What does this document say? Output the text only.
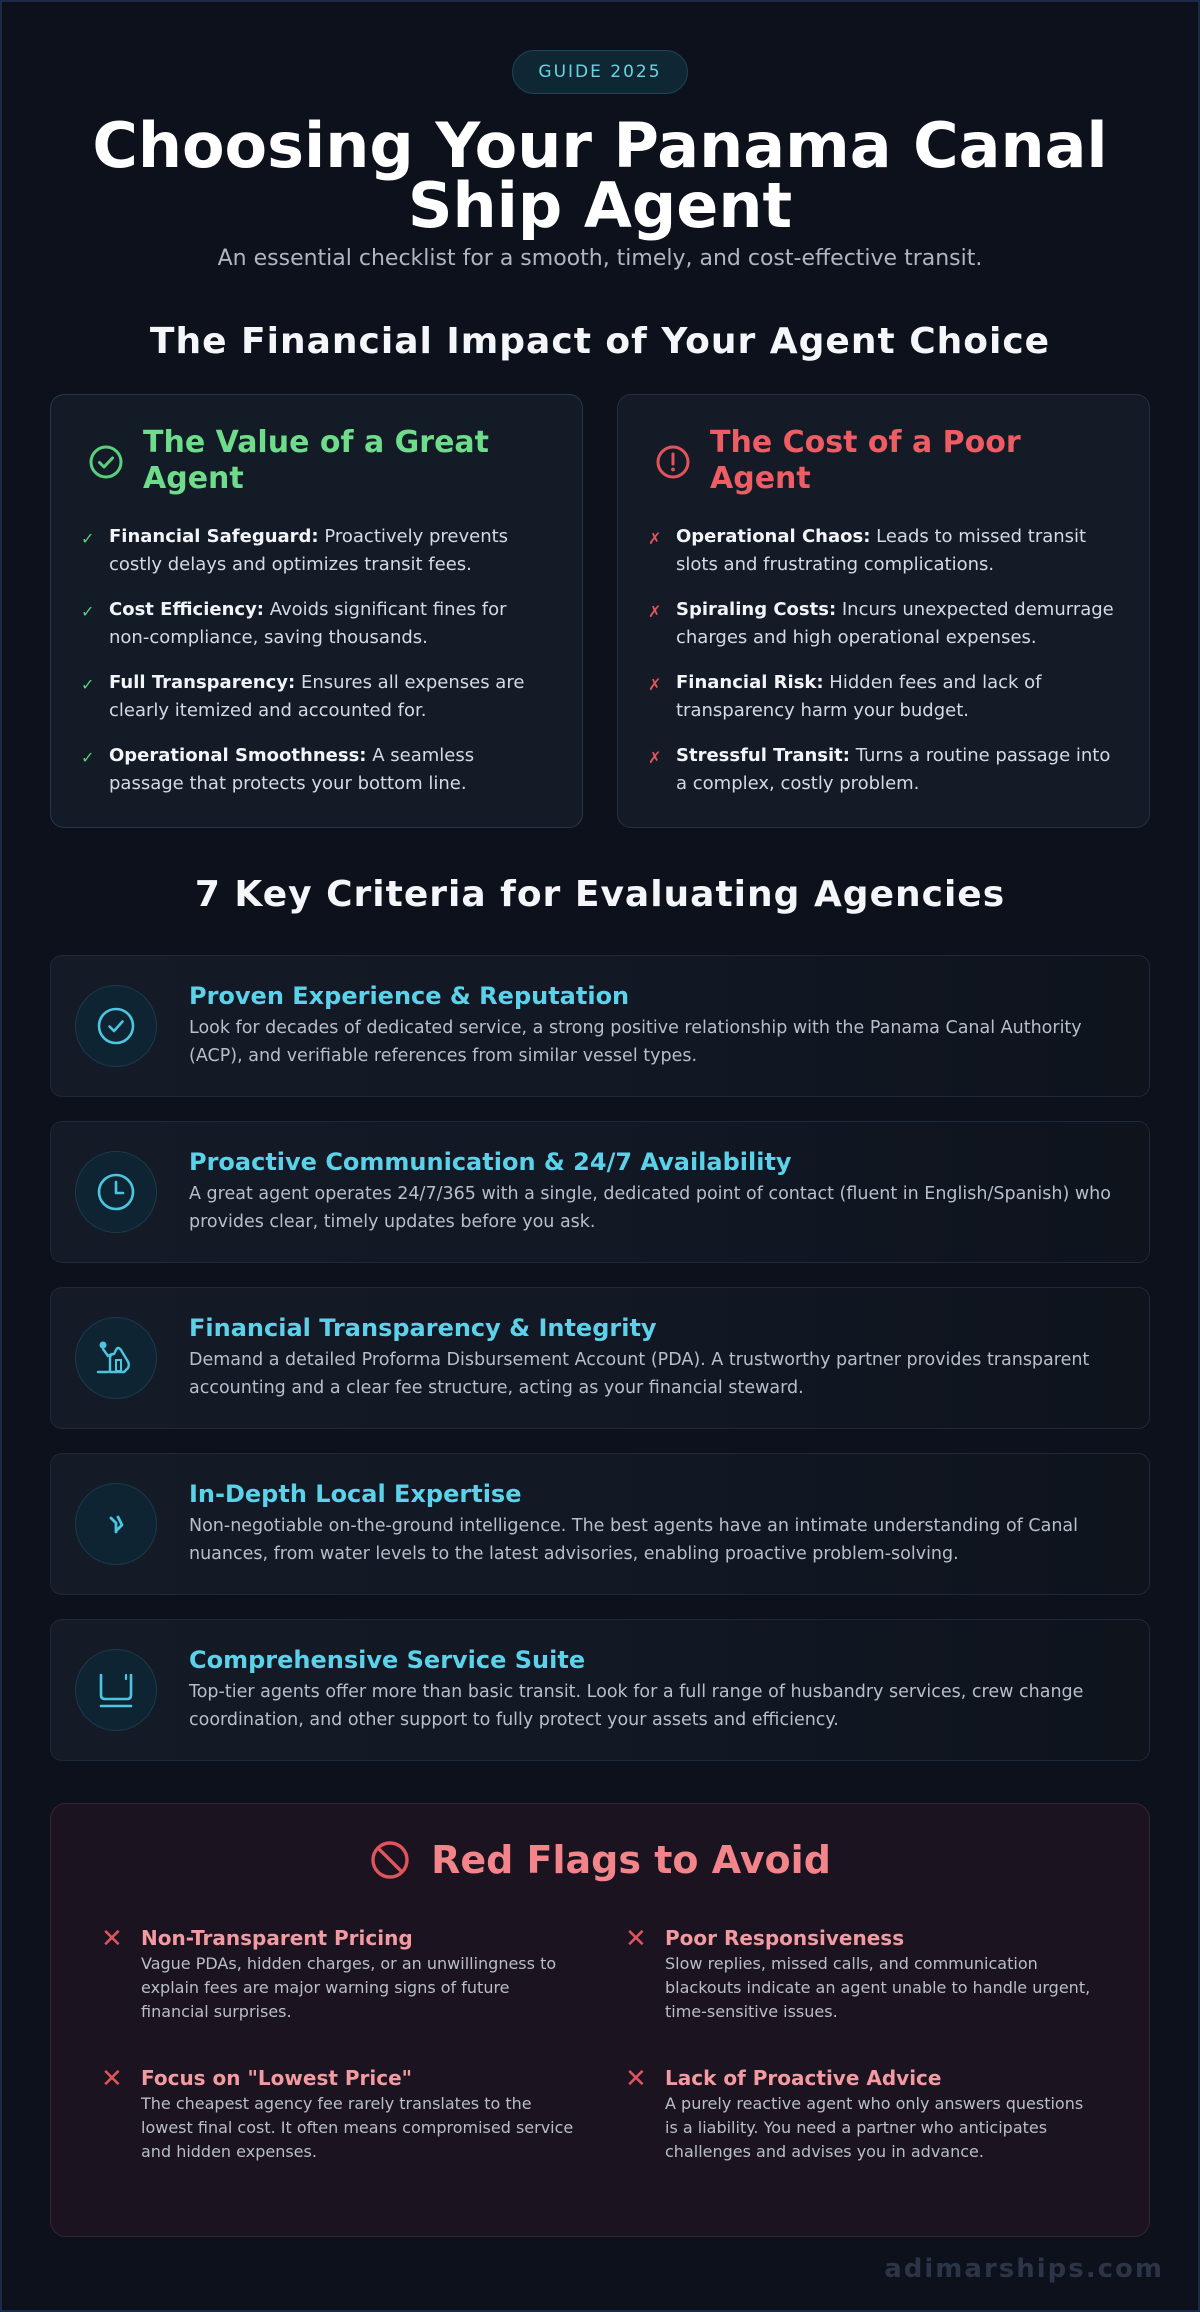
GUIDE 2025
Choosing Your Panama Canal Ship Agent

An essential checklist for a smooth, timely, and cost-effective transit.

The Financial Impact of Your Agent Choice
The Value of a Great Agent
✓ Financial Safeguard: Proactively prevents costly delays and optimizes transit fees.
✓ Cost Efficiency: Avoids significant fines for non-compliance, saving thousands.
✓ Full Transparency: Ensures all expenses are clearly itemized and accounted for.
✓ Operational Smoothness: A seamless passage that protects your bottom line.
The Cost of a Poor Agent
✗ Operational Chaos: Leads to missed transit slots and frustrating complications.
✗ Spiraling Costs: Incurs unexpected demurrage charges and high operational expenses.
✗ Financial Risk: Hidden fees and lack of transparency harm your budget.
✗ Stressful Transit: Turns a routine passage into a complex, costly problem.
7 Key Criteria for Evaluating Agencies
Proven Experience & Reputation
Look for decades of dedicated service, a strong positive relationship with the Panama Canal Authority (ACP), and verifiable references from similar vessel types.
Proactive Communication & 24/7 Availability
A great agent operates 24/7/365 with a single, dedicated point of contact (fluent in English/Spanish) who provides clear, timely updates before you ask.
Financial Transparency & Integrity
Demand a detailed Proforma Disbursement Account (PDA). A trustworthy partner provides transparent accounting and a clear fee structure, acting as your financial steward.
In-Depth Local Expertise
Non-negotiable on-the-ground intelligence. The best agents have an intimate understanding of Canal nuances, from water levels to the latest advisories, enabling proactive problem-solving.
Comprehensive Service Suite
Top-tier agents offer more than basic transit. Look for a full range of husbandry services, crew change coordination, and other support to fully protect your assets and efficiency.
Red Flags to Avoid
✕ Non-Transparent Pricing
Vague PDAs, hidden charges, or an unwillingness to explain fees are major warning signs of future financial surprises.
✕ Poor Responsiveness
Slow replies, missed calls, and communication blackouts indicate an agent unable to handle urgent, time-sensitive issues.
✕ Focus on "Lowest Price"
The cheapest agency fee rarely translates to the lowest final cost. It often means compromised service and hidden expenses.
✕ Lack of Proactive Advice
A purely reactive agent who only answers questions is a liability. You need a partner who anticipates challenges and advises you in advance.
adimarships.com
